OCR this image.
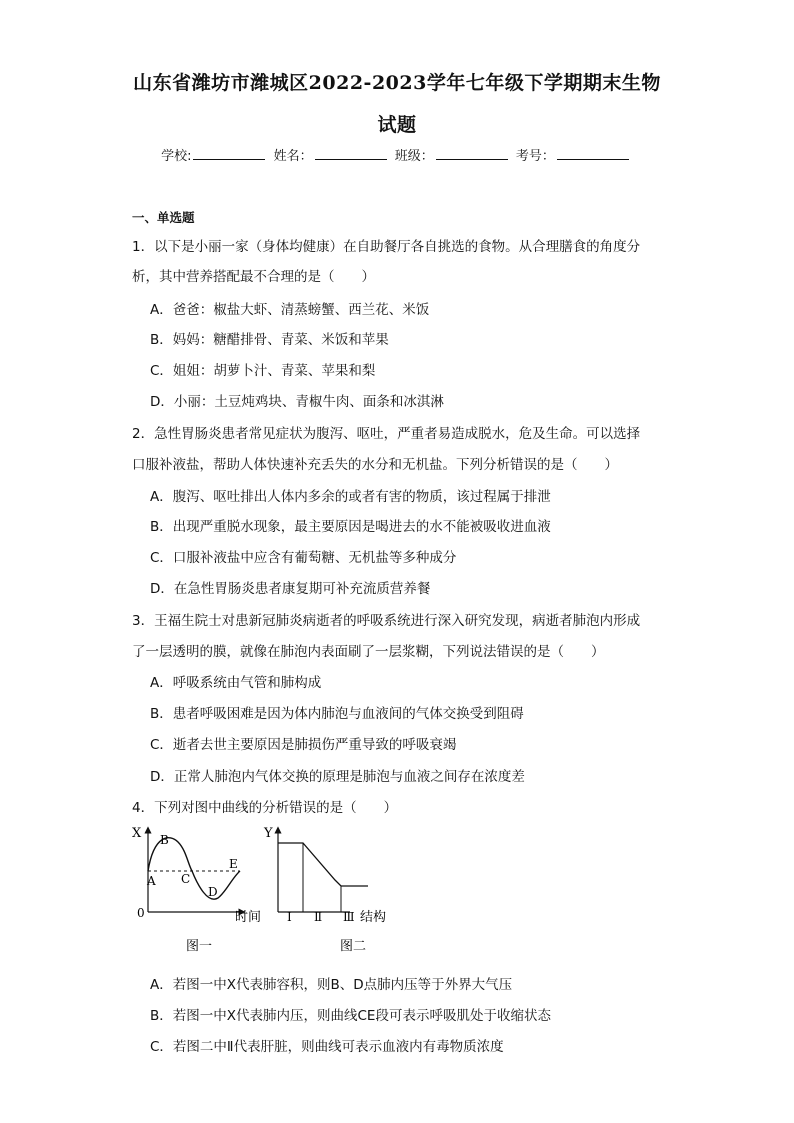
山东省潍坊市潍城区2022-2023学年七年级下学期期末生物
试题
学校:	姓名：	班级：	考号：
一、单选题
1．以下是小丽一家（身体均健康）在自助餐厅各自挑选的食物。从合理膳食的角度分
析，其中营养搭配最不合理的是（　　）
A．爸爸：椒盐大虾、清蒸螃蟹、西兰花、米饭
B．妈妈：糖醋排骨、青菜、米饭和苹果
C．姐姐：胡萝卜汁、青菜、苹果和梨
D．小丽：土豆炖鸡块、青椒牛肉、面条和冰淇淋
2．急性胃肠炎患者常见症状为腹泻、呕吐，严重者易造成脱水，危及生命。可以选择
口服补液盐，帮助人体快速补充丢失的水分和无机盐。下列分析错误的是（　　）
A．腹泻、呕吐排出人体内多余的或者有害的物质，该过程属于排泄
B．出现严重脱水现象，最主要原因是喝进去的水不能被吸收进血液
C．口服补液盐中应含有葡萄糖、无机盐等多种成分
D．在急性胃肠炎患者康复期可补充流质营养餐
3．王福生院士对患新冠肺炎病逝者的呼吸系统进行深入研究发现，病逝者肺泡内形成
了一层透明的膜，就像在肺泡内表面刷了一层浆糊，下列说法错误的是（　　）
A．呼吸系统由气管和肺构成
B．患者呼吸困难是因为体内肺泡与血液间的气体交换受到阻碍
C．逝者去世主要原因是肺损伤严重导致的呼吸衰竭
D．正常人肺泡内气体交换的原理是肺泡与血液之间存在浓度差
4．下列对图中曲线的分析错误的是（　　）
X
0	时间
A
B
C
D
E
图一
Y
Ⅰ Ⅱ Ⅲ 结构
图二
A．若图一中X代表肺容积，则B、D点肺内压等于外界大气压
B．若图一中X代表肺内压，则曲线CE段可表示呼吸肌处于收缩状态
C．若图二中Ⅱ代表肝脏，则曲线可表示血液内有毒物质浓度
